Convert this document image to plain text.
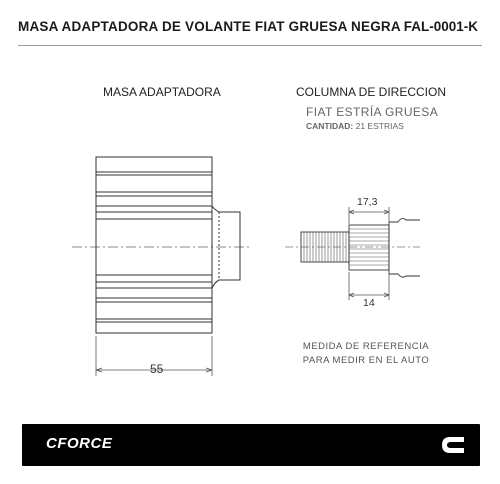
MASA ADAPTADORA DE VOLANTE FIAT GRUESA NEGRA FAL-0001-K
MASA ADAPTADORA	COLUMNA DE DIRECCION
FIAT ESTRÍA GRUESA
CANTIDAD: 21 ESTRIAS
55
17,3
14
MEDIDA DE REFERENCIA
PARA MEDIR EN EL AUTO
CFORCE
